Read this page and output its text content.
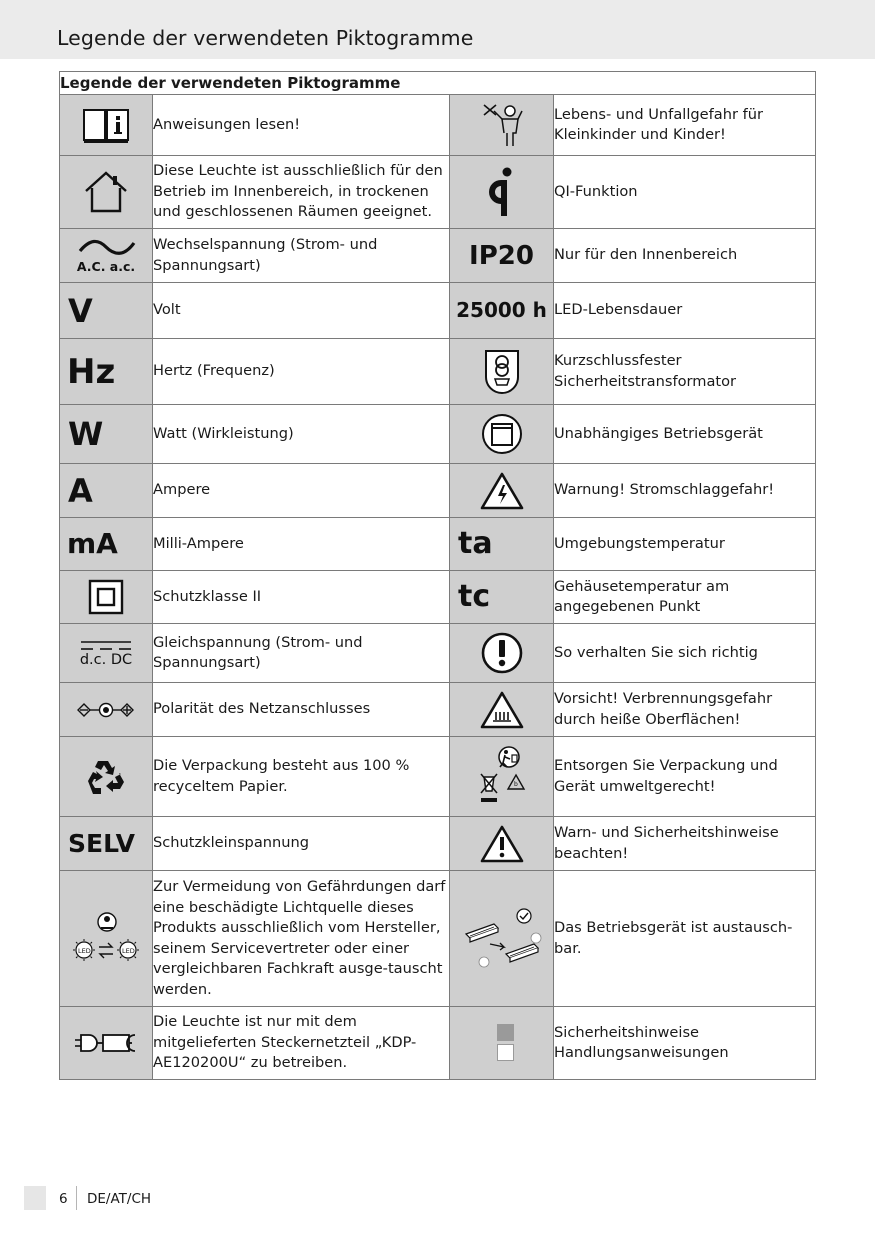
Legende der verwendeten Piktogramme
Legende der verwendeten Piktogramme			

	Anweisungen lesen!		Lebens- und Unfallgefahr für Kleinkinder und Kinder!

	Diese Leuchte ist ausschließlich für den Betrieb im Innenbereich, in trockenen und geschlossenen Räumen geeignet.		QI-Funktion

A.C. a.c.	Wechselspannung (Strom- und Spannungsart)	IP20	Nur für den Innenbereich
V	Volt	25000 h	LED-Lebensdauer
Hz	Hertz (Frequenz)		Kurzschlussfester Sicherheitstransformator
W	Watt (Wirkleistung)		Unabhängiges Betriebsgerät
A	Ampere		Warnung! Stromschlaggefahr!
mA	Milli-Ampere	ta	Umgebungstemperatur

	Schutzklasse II	tc	Gehäusetemperatur am angegebenen Punkt

d.c. DC	Gleichspannung (Strom- und Spannungsart)		So verhalten Sie sich richtig

	Polarität des Netzanschlusses		Vorsicht! Verbrennungsgefahr durch heiße Oberflächen!

	Die Verpackung besteht aus 100 % recyceltem Papier.	b	Entsorgen Sie Verpackung und Gerät umweltgerecht!
SELV	Schutzkleinspannung		Warn- und Sicherheitshinweise beachten!

LED LED	Zur Vermeidung von Gefährdungen darf eine beschädigte Lichtquelle dieses Produkts ausschließlich vom Hersteller, seinem Servicevertreter oder einer vergleichbaren Fachkraft ausge-tauscht werden.		Das Betriebsgerät ist austausch-bar.

	Die Leuchte ist nur mit dem mitgelieferten Steckernetzteil „KDP-AE120200U“ zu betreiben.		Sicherheitshinweise Handlungsanweisungen
6 DE/AT/CH
